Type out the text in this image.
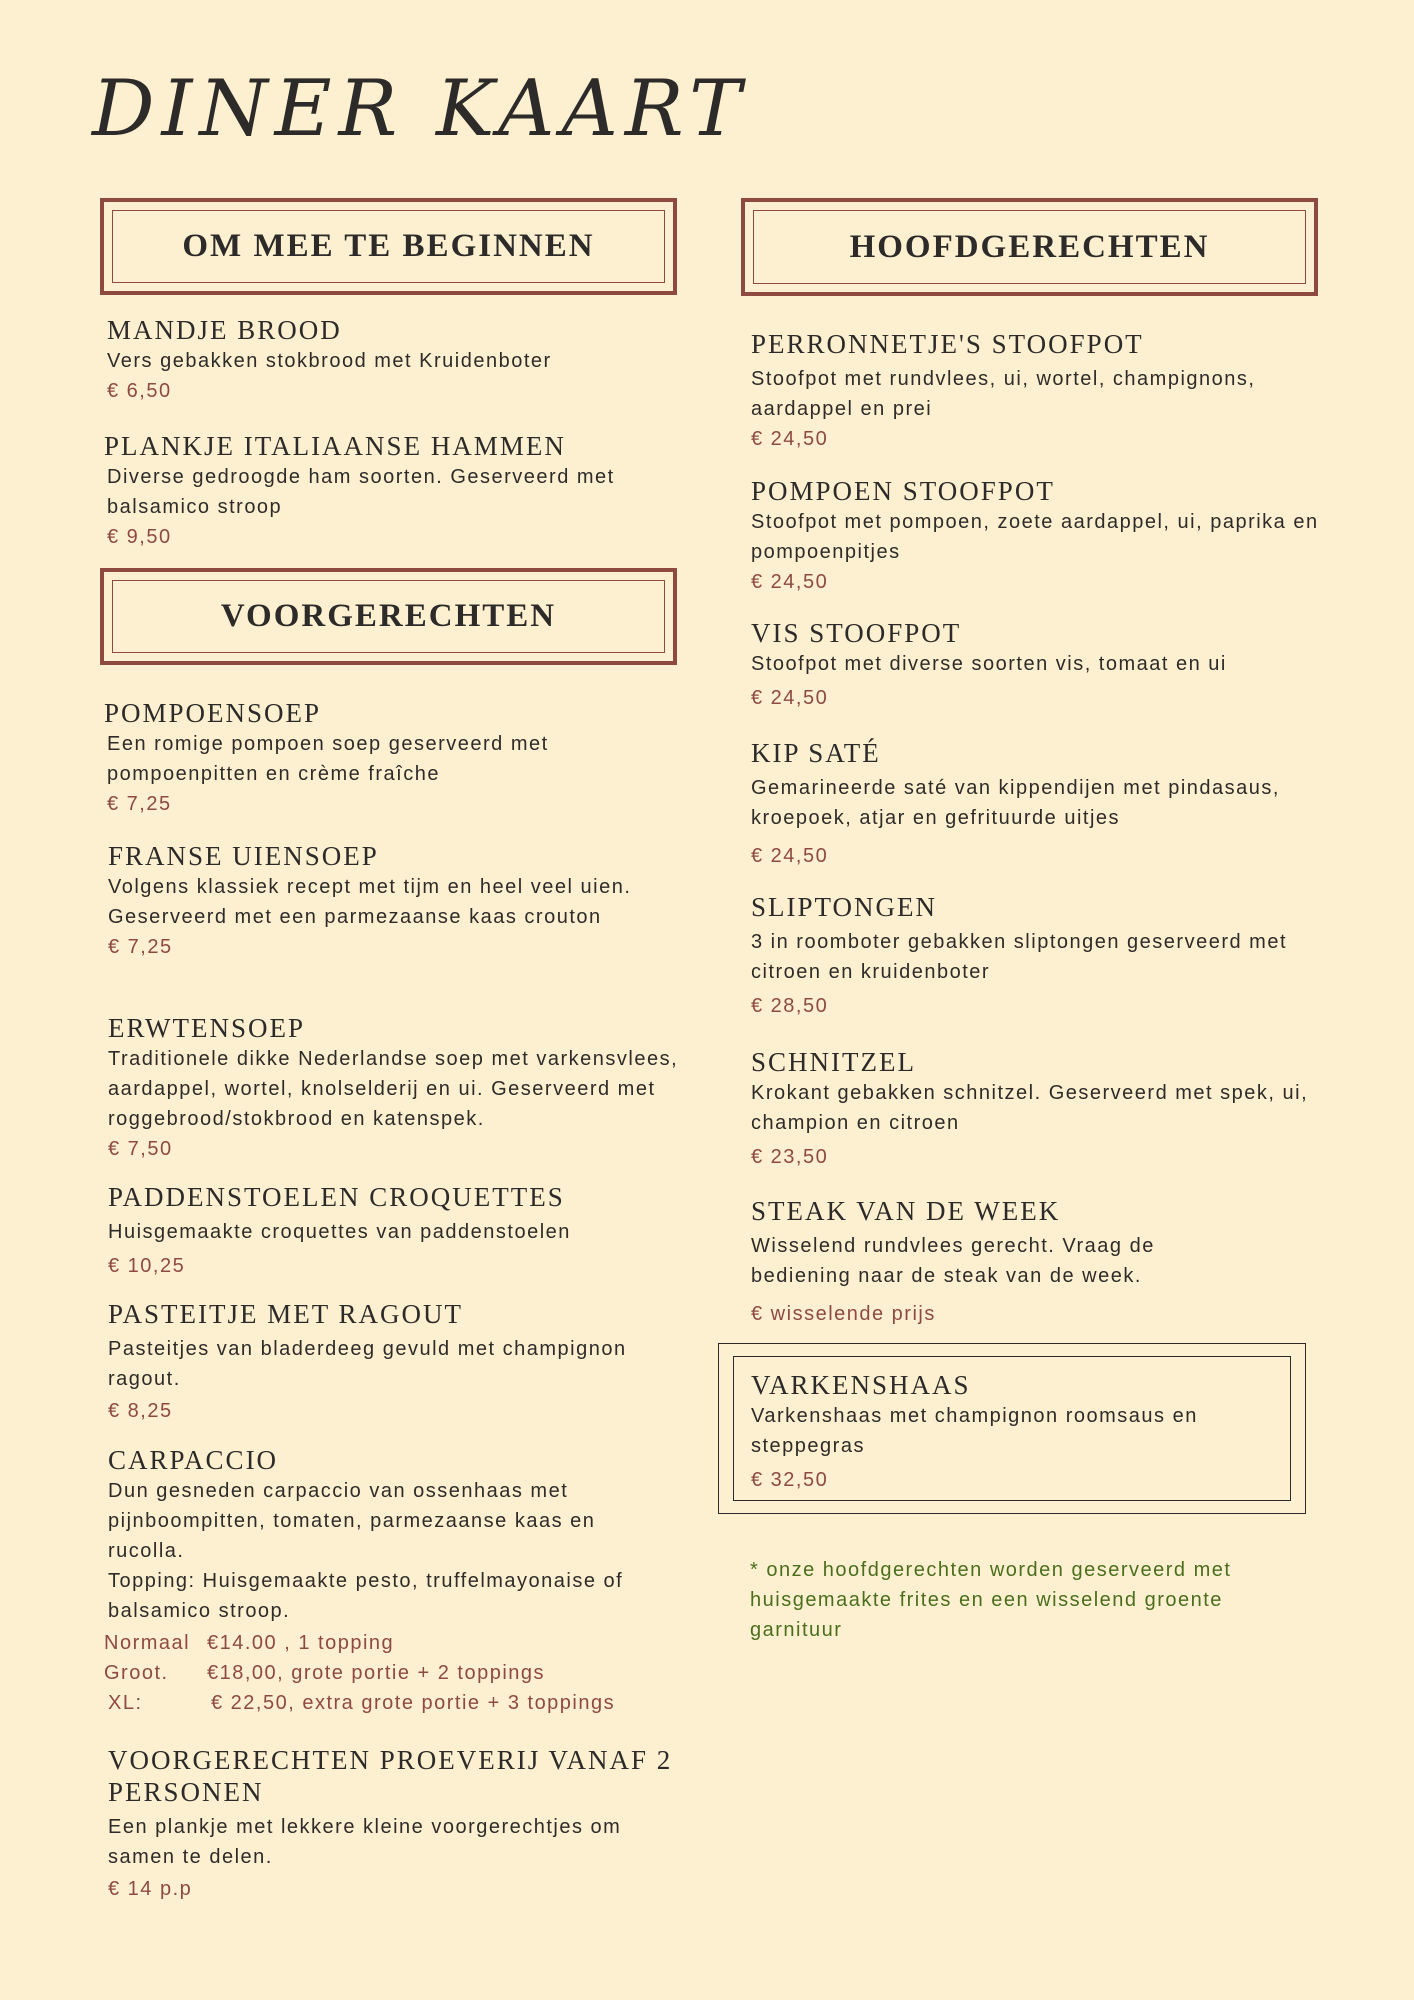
DINER KAART
OM MEE TE BEGINNEN
VOORGERECHTEN
HOOFDGERECHTEN

MANDJE BROOD

Vers gebakken stokbrood met Kruidenboter

€ 6,50

PLANKJE ITALIAANSE HAMMEN

Diverse gedroogde ham soorten. Geserveerd met balsamico stroop

€ 9,50

POMPOENSOEP

Een romige pompoen soep geserveerd met pompoenpitten en crème fraîche

€ 7,25

FRANSE UIENSOEP

Volgens klassiek recept met tijm en heel veel uien. Geserveerd met een parmezaanse kaas crouton

€ 7,25

ERWTENSOEP

Traditionele dikke Nederlandse soep met varkensvlees, aardappel, wortel, knolselderij en ui. Geserveerd met roggebrood/stokbrood en katenspek.

€ 7,50

PADDENSTOELEN CROQUETTES

Huisgemaakte croquettes van paddenstoelen

€ 10,25

PASTEITJE MET RAGOUT

Pasteitjes van bladerdeeg gevuld met champignon ragout.

€ 8,25

CARPACCIO

Dun gesneden carpaccio van ossenhaas met pijnboompitten, tomaten, parmezaanse kaas en rucolla.

Topping: Huisgemaakte pesto, truffelmayonaise of balsamico stroop.

Normaal €14.00 , 1 topping
Groot. €18,00, grote portie + 2 toppings
XL:	€ 22,50, extra grote portie + 3 toppings

VOORGERECHTEN PROEVERIJ VANAF 2 PERSONEN

Een plankje met lekkere kleine voorgerechtjes om samen te delen.

€ 14 p.p

PERRONNETJE'S STOOFPOT

Stoofpot met rundvlees, ui, wortel, champignons, aardappel en prei

€ 24,50

POMPOEN STOOFPOT

Stoofpot met pompoen, zoete aardappel, ui, paprika en pompoenpitjes

€ 24,50

VIS STOOFPOT

Stoofpot met diverse soorten vis, tomaat en ui

€ 24,50

KIP SATÉ

Gemarineerde saté van kippendijen met pindasaus, kroepoek, atjar en gefrituurde uitjes

€ 24,50

SLIPTONGEN

3 in roomboter gebakken sliptongen geserveerd met citroen en kruidenboter

€ 28,50

SCHNITZEL

Krokant gebakken schnitzel. Geserveerd met spek, ui, champion en citroen

€ 23,50

STEAK VAN DE WEEK

Wisselend rundvlees gerecht. Vraag de bediening naar de steak van de week.

€ wisselende prijs

VARKENSHAAS

Varkenshaas met champignon roomsaus en steppegras

€ 32,50

* onze hoofdgerechten worden geserveerd met huisgemaakte frites en een wisselend groente garnituur
